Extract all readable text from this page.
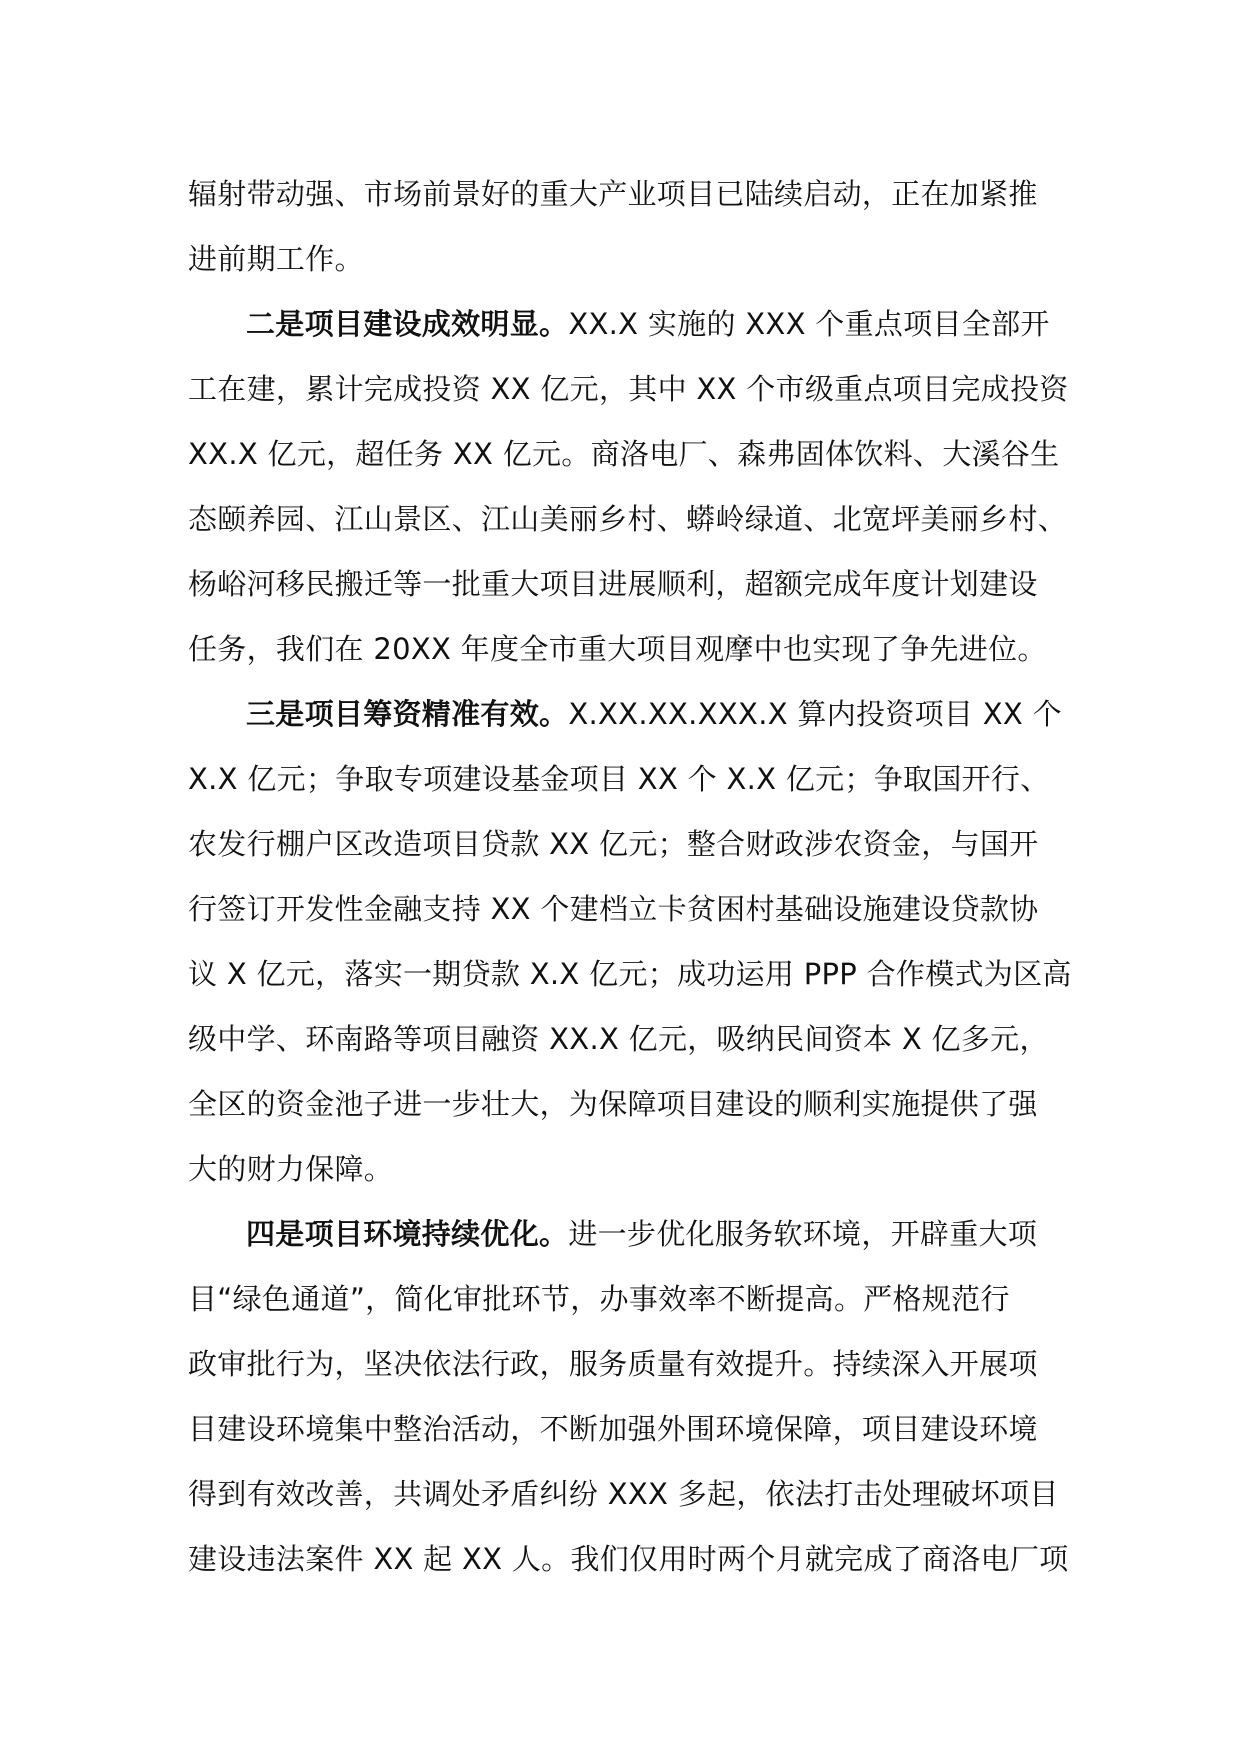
辐射带动强、市场前景好的重大产业项目已陆续启动，正在加紧推
进前期工作。
二是项目建设成效明显。XX.X 实施的 XXX 个重点项目全部开
工在建，累计完成投资 XX 亿元，其中 XX 个市级重点项目完成投资
XX.X 亿元，超任务 XX 亿元。商洛电厂、森弗固体饮料、大溪谷生
态颐养园、江山景区、江山美丽乡村、蟒岭绿道、北宽坪美丽乡村、
杨峪河移民搬迁等一批重大项目进展顺利，超额完成年度计划建设
任务，我们在 20XX 年度全市重大项目观摩中也实现了争先进位。
三是项目筹资精准有效。X.XX.XX.XXX.X 算内投资项目 XX 个
X.X 亿元；争取专项建设基金项目 XX 个 X.X 亿元；争取国开行、
农发行棚户区改造项目贷款 XX 亿元；整合财政涉农资金，与国开
行签订开发性金融支持 XX 个建档立卡贫困村基础设施建设贷款协
议 X 亿元，落实一期贷款 X.X 亿元；成功运用 PPP 合作模式为区高
级中学、环南路等项目融资 XX.X 亿元，吸纳民间资本 X 亿多元，
全区的资金池子进一步壮大，为保障项目建设的顺利实施提供了强
大的财力保障。
四是项目环境持续优化。进一步优化服务软环境，开辟重大项
目“绿色通道”，简化审批环节，办事效率不断提高。严格规范行
政审批行为，坚决依法行政，服务质量有效提升。持续深入开展项
目建设环境集中整治活动，不断加强外围环境保障，项目建设环境
得到有效改善，共调处矛盾纠纷 XXX 多起，依法打击处理破坏项目
建设违法案件 XX 起 XX 人。我们仅用时两个月就完成了商洛电厂项
